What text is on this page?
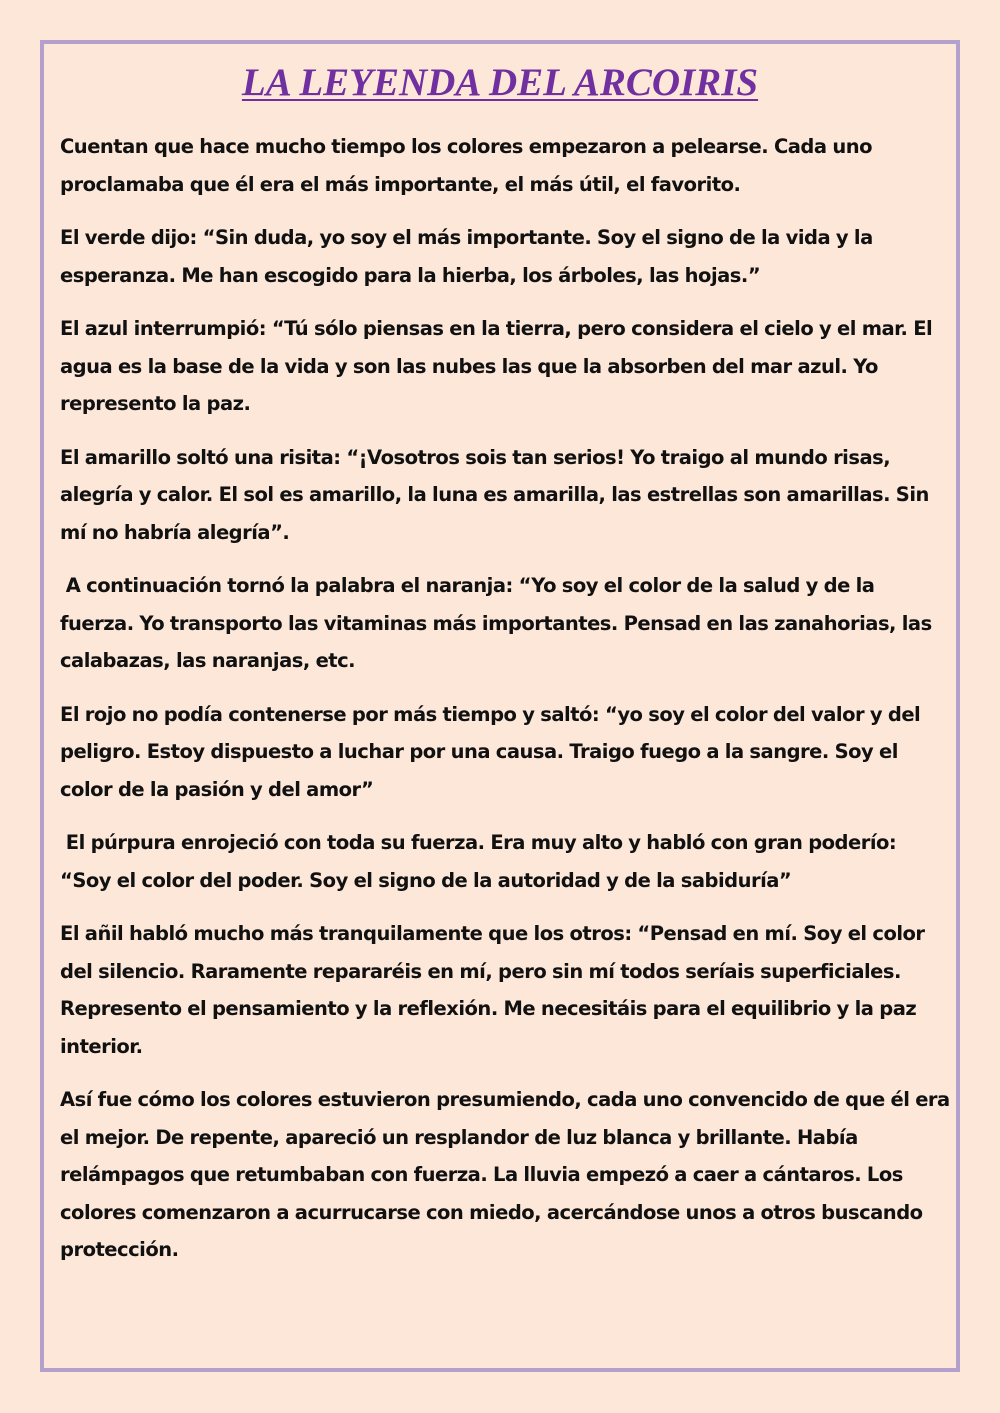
LA LEYENDA DEL ARCOIRIS

Cuentan que hace mucho tiempo los colores empezaron a pelearse. Cada uno proclamaba que él era el más importante, el más útil, el favorito.

El verde dijo: “Sin duda, yo soy el más importante. Soy el signo de la vida y la esperanza. Me han escogido para la hierba, los árboles, las hojas.”

El azul interrumpió: “Tú sólo piensas en la tierra, pero considera el cielo y el mar. El agua es la base de la vida y son las nubes las que la absorben del mar azul. Yo represento la paz.

El amarillo soltó una risita: “¡Vosotros sois tan serios! Yo traigo al mundo risas, alegría y calor. El sol es amarillo, la luna es amarilla, las estrellas son amarillas. Sin mí no habría alegría”.

A continuación tornó la palabra el naranja: “Yo soy el color de la salud y de la fuerza. Yo transporto las vitaminas más importantes. Pensad en las zanahorias, las calabazas, las naranjas, etc.

El rojo no podía contenerse por más tiempo y saltó: “yo soy el color del valor y del peligro. Estoy dispuesto a luchar por una causa. Traigo fuego a la sangre. Soy el color de la pasión y del amor”

El púrpura enrojeció con toda su fuerza. Era muy alto y habló con gran poderío: “Soy el color del poder. Soy el signo de la autoridad y de la sabiduría”

El añil habló mucho más tranquilamente que los otros: “Pensad en mí. Soy el color del silencio. Raramente repararéis en mí, pero sin mí todos seríais superficiales. Represento el pensamiento y la reflexión. Me necesitáis para el equilibrio y la paz interior.

Así fue cómo los colores estuvieron presumiendo, cada uno convencido de que él era el mejor. De repente, apareció un resplandor de luz blanca y brillante. Había relámpagos que retumbaban con fuerza. La lluvia empezó a caer a cántaros. Los colores comenzaron a acurrucarse con miedo, acercándose unos a otros buscando protección.
